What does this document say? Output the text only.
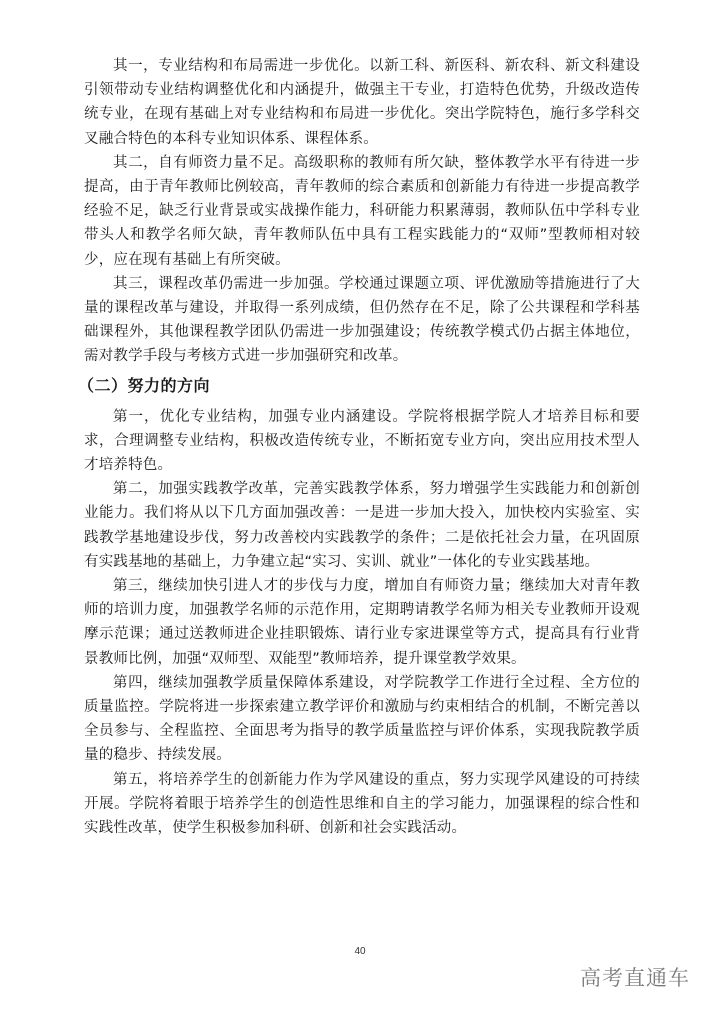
其一，专业结构和布局需进一步优化。以新工科、新医科、新农科、新文科建设引领带动专业结构调整优化和内涵提升，做强主干专业，打造特色优势，升级改造传统专业，在现有基础上对专业结构和布局进一步优化。突出学院特色，施行多学科交叉融合特色的本科专业知识体系、课程体系。

其二，自有师资力量不足。高级职称的教师有所欠缺，整体教学水平有待进一步提高，由于青年教师比例较高，青年教师的综合素质和创新能力有待进一步提高教学经验不足，缺乏行业背景或实战操作能力，科研能力积累薄弱，教师队伍中学科专业带头人和教学名师欠缺，青年教师队伍中具有工程实践能力的“双师”型教师相对较少，应在现有基础上有所突破。

其三，课程改革仍需进一步加强。学校通过课题立项、评优激励等措施进行了大量的课程改革与建设，并取得一系列成绩，但仍然存在不足，除了公共课程和学科基础课程外，其他课程教学团队仍需进一步加强建设；传统教学模式仍占据主体地位，需对教学手段与考核方式进一步加强研究和改革。

（二）努力的方向

第一，优化专业结构，加强专业内涵建设。学院将根据学院人才培养目标和要求，合理调整专业结构，积极改造传统专业，不断拓宽专业方向，突出应用技术型人才培养特色。

第二，加强实践教学改革，完善实践教学体系，努力增强学生实践能力和创新创业能力。我们将从以下几方面加强改善：一是进一步加大投入，加快校内实验室、实践教学基地建设步伐，努力改善校内实践教学的条件；二是依托社会力量，在巩固原有实践基地的基础上，力争建立起“实习、实训、就业”一体化的专业实践基地。

第三，继续加快引进人才的步伐与力度，增加自有师资力量；继续加大对青年教师的培训力度，加强教学名师的示范作用，定期聘请教学名师为相关专业教师开设观摩示范课；通过送教师进企业挂职锻炼、请行业专家进课堂等方式，提高具有行业背景教师比例，加强“双师型、双能型”教师培养，提升课堂教学效果。

第四，继续加强教学质量保障体系建设，对学院教学工作进行全过程、全方位的质量监控。学院将进一步探索建立教学评价和激励与约束相结合的机制，不断完善以全员参与、全程监控、全面思考为指导的教学质量监控与评价体系，实现我院教学质量的稳步、持续发展。

第五，将培养学生的创新能力作为学风建设的重点，努力实现学风建设的可持续开展。学院将着眼于培养学生的创造性思维和自主的学习能力，加强课程的综合性和实践性改革，使学生积极参加科研、创新和社会实践活动。

40
高考直通车
